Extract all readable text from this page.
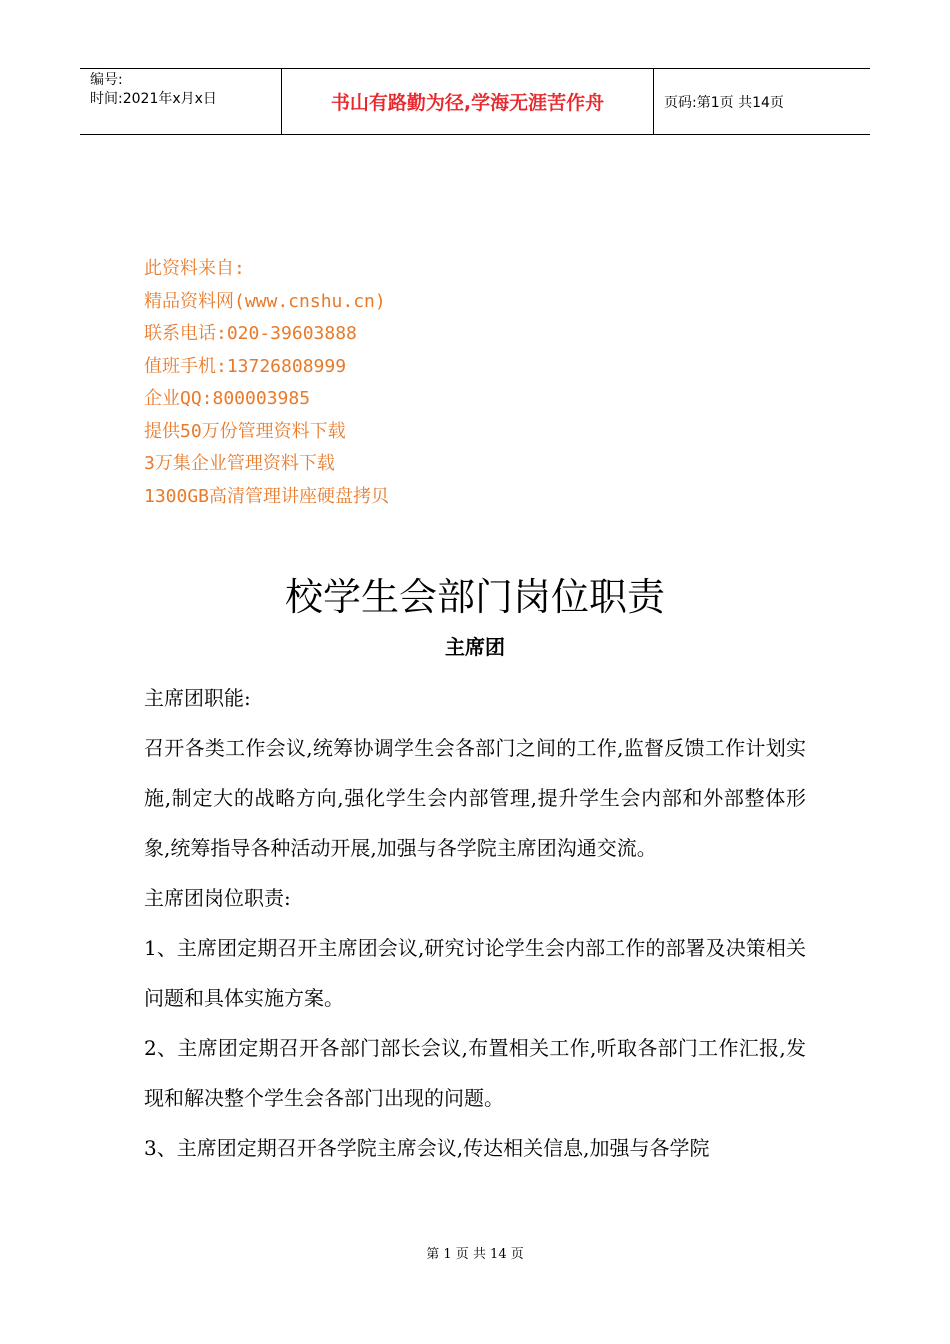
编号:
时间:2021年x月x日	书山有路勤为径,学海无涯苦作舟	页码:第1页 共14页
此资料来自:
精品资料网(www.cnshu.cn)
联系电话:020-39603888
值班手机:13726808999
企业QQ:800003985
提供50万份管理资料下载
3万集企业管理资料下载
1300GB高清管理讲座硬盘拷贝
校学生会部门岗位职责
主席团

主席团职能:

召开各类工作会议,统筹协调学生会各部门之间的工作,监督反馈工作计划实施,制定大的战略方向,强化学生会内部管理,提升学生会内部和外部整体形象,统筹指导各种活动开展,加强与各学院主席团沟通交流。

主席团岗位职责:

1、主席团定期召开主席团会议,研究讨论学生会内部工作的部署及决策相关问题和具体实施方案。

2、主席团定期召开各部门部长会议,布置相关工作,听取各部门工作汇报,发现和解决整个学生会各部门出现的问题。

3、主席团定期召开各学院主席会议,传达相关信息,加强与各学院

第 1 页 共 14 页
